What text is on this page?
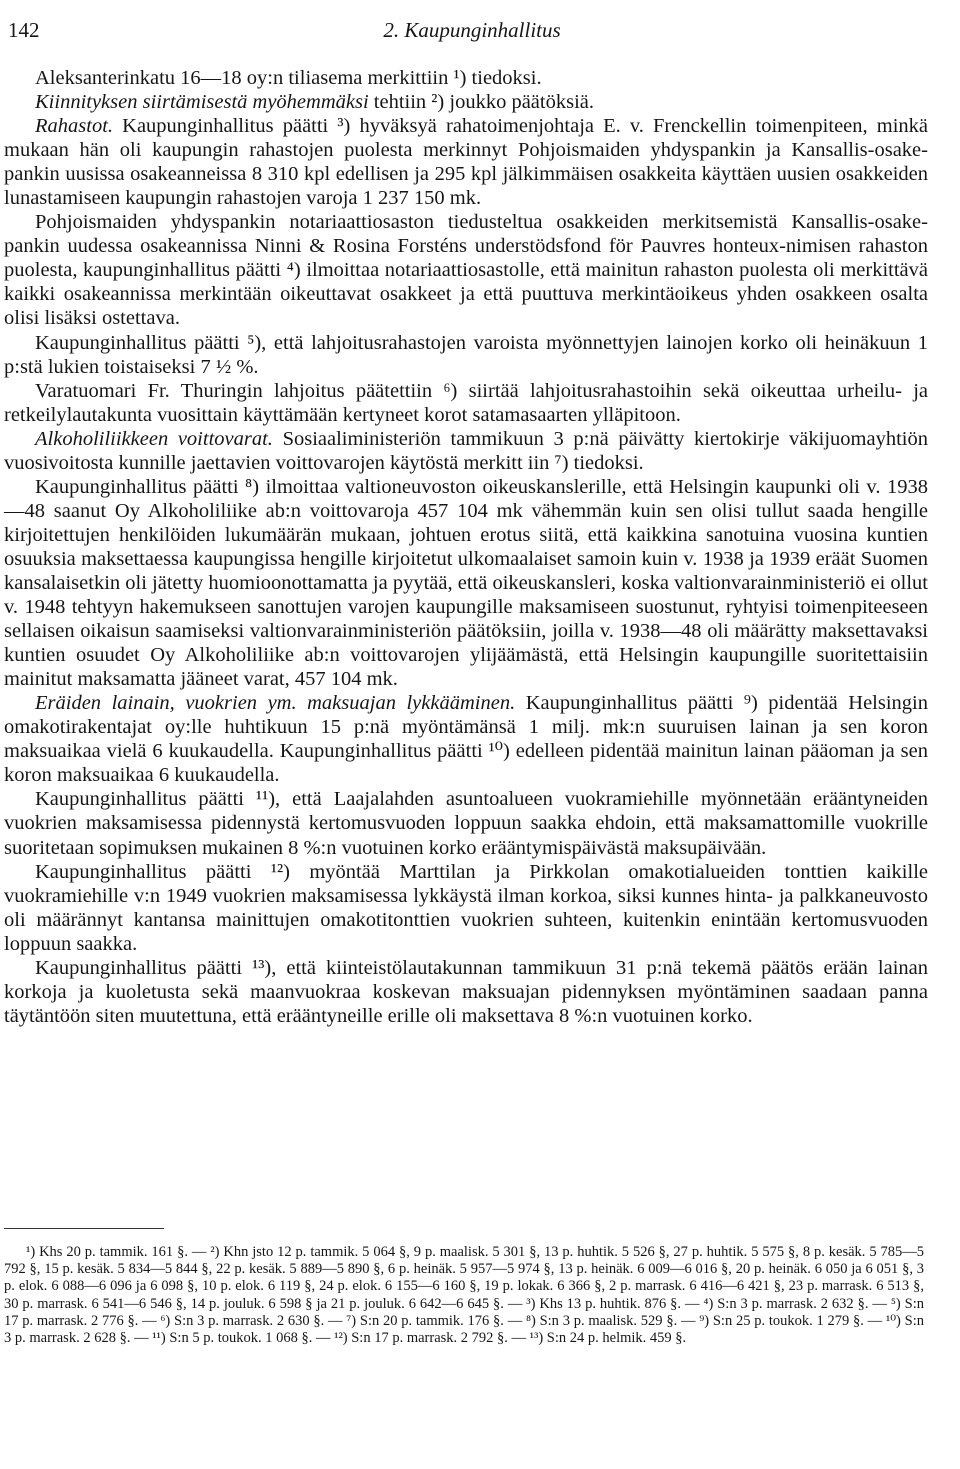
142	2. Kaupunginhallitus

Aleksanterinkatu 16—18 oy:n tiliasema merkittiin ¹) tiedoksi.

Kiinnityksen siirtämisestä myöhemmäksi tehtiin ²) joukko päätöksiä.

Rahastot. Kaupunginhallitus päätti ³) hyväksyä rahatoimenjohtaja E. v. Frenckellin toimenpiteen, minkä mukaan hän oli kaupungin rahastojen puolesta merkinnyt Pohjoismaiden yhdyspankin ja Kansallis-osake-pankin uusissa osakeanneissa 8 310 kpl edellisen ja 295 kpl jälkimmäisen osakkeita käyttäen uusien osakkeiden lunastamiseen kaupungin rahastojen varoja 1 237 150 mk.

Pohjoismaiden yhdyspankin notariaattiosaston tiedusteltua osakkeiden merkitsemistä Kansallis-osake-pankin uudessa osakeannissa Ninni & Rosina Forsténs understödsfond för Pauvres honteux-nimisen rahaston puolesta, kaupunginhallitus päätti ⁴) ilmoittaa notariaattiosastolle, että mainitun rahaston puolesta oli merkittävä kaikki osakeannissa merkintään oikeuttavat osakkeet ja että puuttuva merkintäoikeus yhden osakkeen osalta olisi lisäksi ostettava.

Kaupunginhallitus päätti ⁵), että lahjoitusrahastojen varoista myönnettyjen lainojen korko oli heinäkuun 1 p:stä lukien toistaiseksi 7 ½ %.

Varatuomari Fr. Thuringin lahjoitus päätettiin ⁶) siirtää lahjoitusrahastoihin sekä oikeuttaa urheilu- ja retkeilylautakunta vuosittain käyttämään kertyneet korot satamasaarten ylläpitoon.

Alkoholiliikkeen voittovarat. Sosiaaliministeriön tammikuun 3 p:nä päivätty kiertokirje väkijuomayhtiön vuosivoitosta kunnille jaettavien voittovarojen käytöstä merkitt iin ⁷) tiedoksi.

Kaupunginhallitus päätti ⁸) ilmoittaa valtioneuvoston oikeuskanslerille, että Helsingin kaupunki oli v. 1938—48 saanut Oy Alkoholiliike ab:n voittovaroja 457 104 mk vähemmän kuin sen olisi tullut saada hengille kirjoitettujen henkilöiden lukumäärän mukaan, johtuen erotus siitä, että kaikkina sanotuina vuosina kuntien osuuksia maksettaessa kaupungissa hengille kirjoitetut ulkomaalaiset samoin kuin v. 1938 ja 1939 eräät Suomen kansalaisetkin oli jätetty huomioonottamatta ja pyytää, että oikeuskansleri, koska valtionvarainministeriö ei ollut v. 1948 tehtyyn hakemukseen sanottujen varojen kaupungille maksamiseen suostunut, ryhtyisi toimenpiteeseen sellaisen oikaisun saamiseksi valtionvarainministeriön päätöksiin, joilla v. 1938—48 oli määrätty maksettavaksi kuntien osuudet Oy Alkoholiliike ab:n voittovarojen ylijäämästä, että Helsingin kaupungille suoritettaisiin mainitut maksamatta jääneet varat, 457 104 mk.

Eräiden lainain, vuokrien ym. maksuajan lykkääminen. Kaupunginhallitus päätti ⁹) pidentää Helsingin omakotirakentajat oy:lle huhtikuun 15 p:nä myöntämänsä 1 milj. mk:n suuruisen lainan ja sen koron maksuaikaa vielä 6 kuukaudella. Kaupunginhallitus päätti ¹⁰) edelleen pidentää mainitun lainan pääoman ja sen koron maksuaikaa 6 kuukaudella.

Kaupunginhallitus päätti ¹¹), että Laajalahden asuntoalueen vuokramiehille myönnetään erääntyneiden vuokrien maksamisessa pidennystä kertomusvuoden loppuun saakka ehdoin, että maksamattomille vuokrille suoritetaan sopimuksen mukainen 8 %:n vuotuinen korko erääntymispäivästä maksupäivään.

Kaupunginhallitus päätti ¹²) myöntää Marttilan ja Pirkkolan omakotialueiden tonttien kaikille vuokramiehille v:n 1949 vuokrien maksamisessa lykkäystä ilman korkoa, siksi kunnes hinta- ja palkkaneuvosto oli määrännyt kantansa mainittujen omakotitonttien vuokrien suhteen, kuitenkin enintään kertomusvuoden loppuun saakka.

Kaupunginhallitus päätti ¹³), että kiinteistölautakunnan tammikuun 31 p:nä tekemä päätös erään lainan korkoja ja kuoletusta sekä maanvuokraa koskevan maksuajan pidennyksen myöntäminen saadaan panna täytäntöön siten muutettuna, että erääntyneille erille oli maksettava 8 %:n vuotuinen korko.

¹) Khs 20 p. tammik. 161 §. — ²) Khn jsto 12 p. tammik. 5 064 §, 9 p. maalisk. 5 301 §, 13 p. huhtik. 5 526 §, 27 p. huhtik. 5 575 §, 8 p. kesäk. 5 785—5 792 §, 15 p. kesäk. 5 834—5 844 §, 22 p. kesäk. 5 889—5 890 §, 6 p. heinäk. 5 957—5 974 §, 13 p. heinäk. 6 009—6 016 §, 20 p. heinäk. 6 050 ja 6 051 §, 3 p. elok. 6 088—6 096 ja 6 098 §, 10 p. elok. 6 119 §, 24 p. elok. 6 155—6 160 §, 19 p. lokak. 6 366 §, 2 p. marrask. 6 416—6 421 §, 23 p. marrask. 6 513 §, 30 p. marrask. 6 541—6 546 §, 14 p. jouluk. 6 598 § ja 21 p. jouluk. 6 642—6 645 §. — ³) Khs 13 p. huhtik. 876 §. — ⁴) S:n 3 p. marrask. 2 632 §. — ⁵) S:n 17 p. marrask. 2 776 §. — ⁶) S:n 3 p. marrask. 2 630 §. — ⁷) S:n 20 p. tammik. 176 §. — ⁸) S:n 3 p. maalisk. 529 §. — ⁹) S:n 25 p. toukok. 1 279 §. — ¹⁰) S:n 3 p. marrask. 2 628 §. — ¹¹) S:n 5 p. toukok. 1 068 §. — ¹²) S:n 17 p. marrask. 2 792 §. — ¹³) S:n 24 p. helmik. 459 §.
